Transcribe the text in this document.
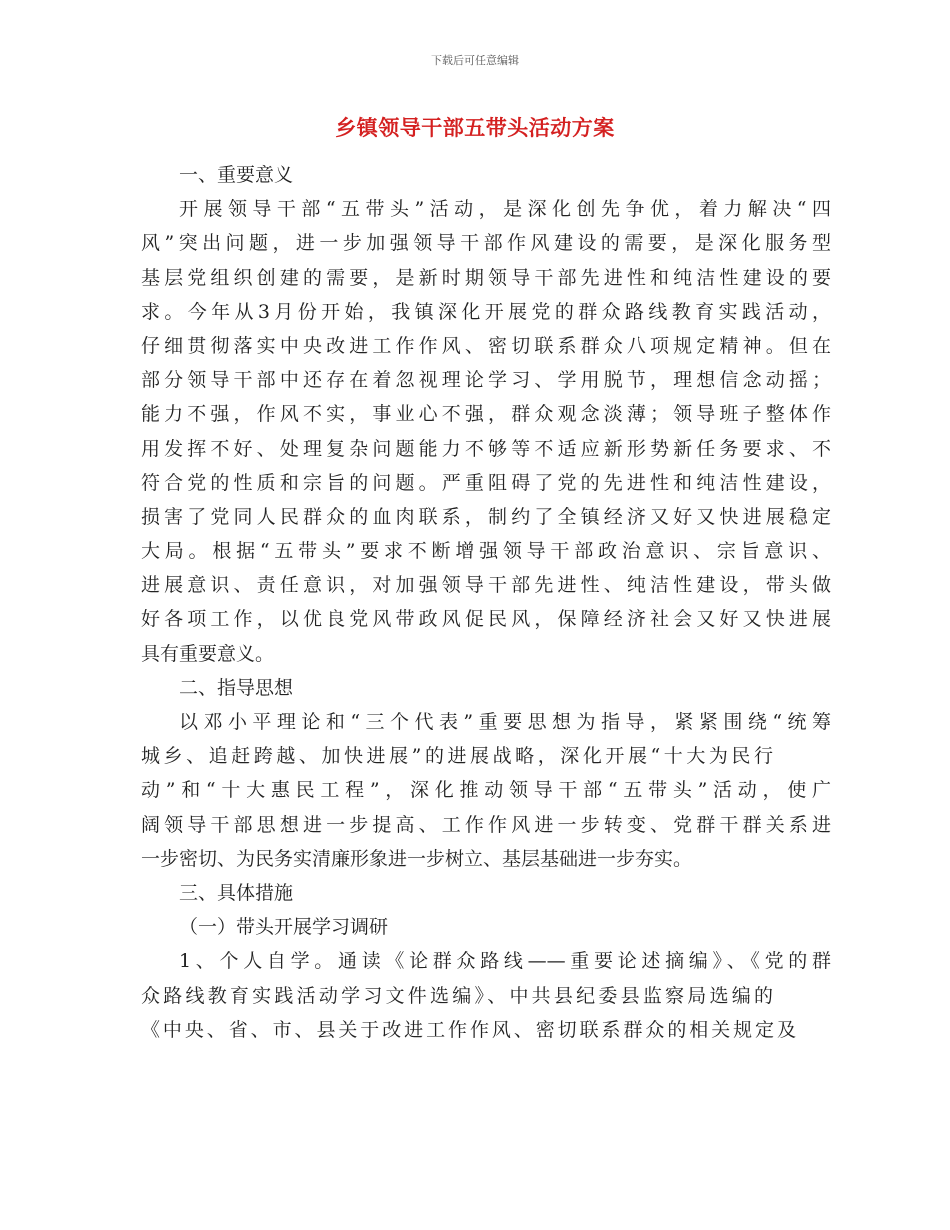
下载后可任意编辑
乡镇领导干部五带头活动方案
一、重要意义
开展领导干部“五带头”活动，是深化创先争优，着力解决“四
风”突出问题，进一步加强领导干部作风建设的需要，是深化服务型
基层党组织创建的需要，是新时期领导干部先进性和纯洁性建设的要
求。今年从3月份开始，我镇深化开展党的群众路线教育实践活动，
仔细贯彻落实中央改进工作作风、密切联系群众八项规定精神。但在
部分领导干部中还存在着忽视理论学习、学用脱节，理想信念动摇；
能力不强，作风不实，事业心不强，群众观念淡薄；领导班子整体作
用发挥不好、处理复杂问题能力不够等不适应新形势新任务要求、不
符合党的性质和宗旨的问题。严重阻碍了党的先进性和纯洁性建设，
损害了党同人民群众的血肉联系，制约了全镇经济又好又快进展稳定
大局。根据“五带头”要求不断增强领导干部政治意识、宗旨意识、
进展意识、责任意识，对加强领导干部先进性、纯洁性建设，带头做
好各项工作，以优良党风带政风促民风，保障经济社会又好又快进展
具有重要意义。
二、指导思想
以邓小平理论和“三个代表”重要思想为指导，紧紧围绕“统筹
城乡、追赶跨越、加快进展”的进展战略，深化开展“十大为民行
动”和“十大惠民工程”，深化推动领导干部“五带头”活动，使广
阔领导干部思想进一步提高、工作作风进一步转变、党群干群关系进
一步密切、为民务实清廉形象进一步树立、基层基础进一步夯实。
三、具体措施
（一）带头开展学习调研
1、个人自学。通读《论群众路线——重要论述摘编》、《党的群
众路线教育实践活动学习文件选编》、中共县纪委县监察局选编的
《中央、省、市、县关于改进工作作风、密切联系群众的相关规定及
